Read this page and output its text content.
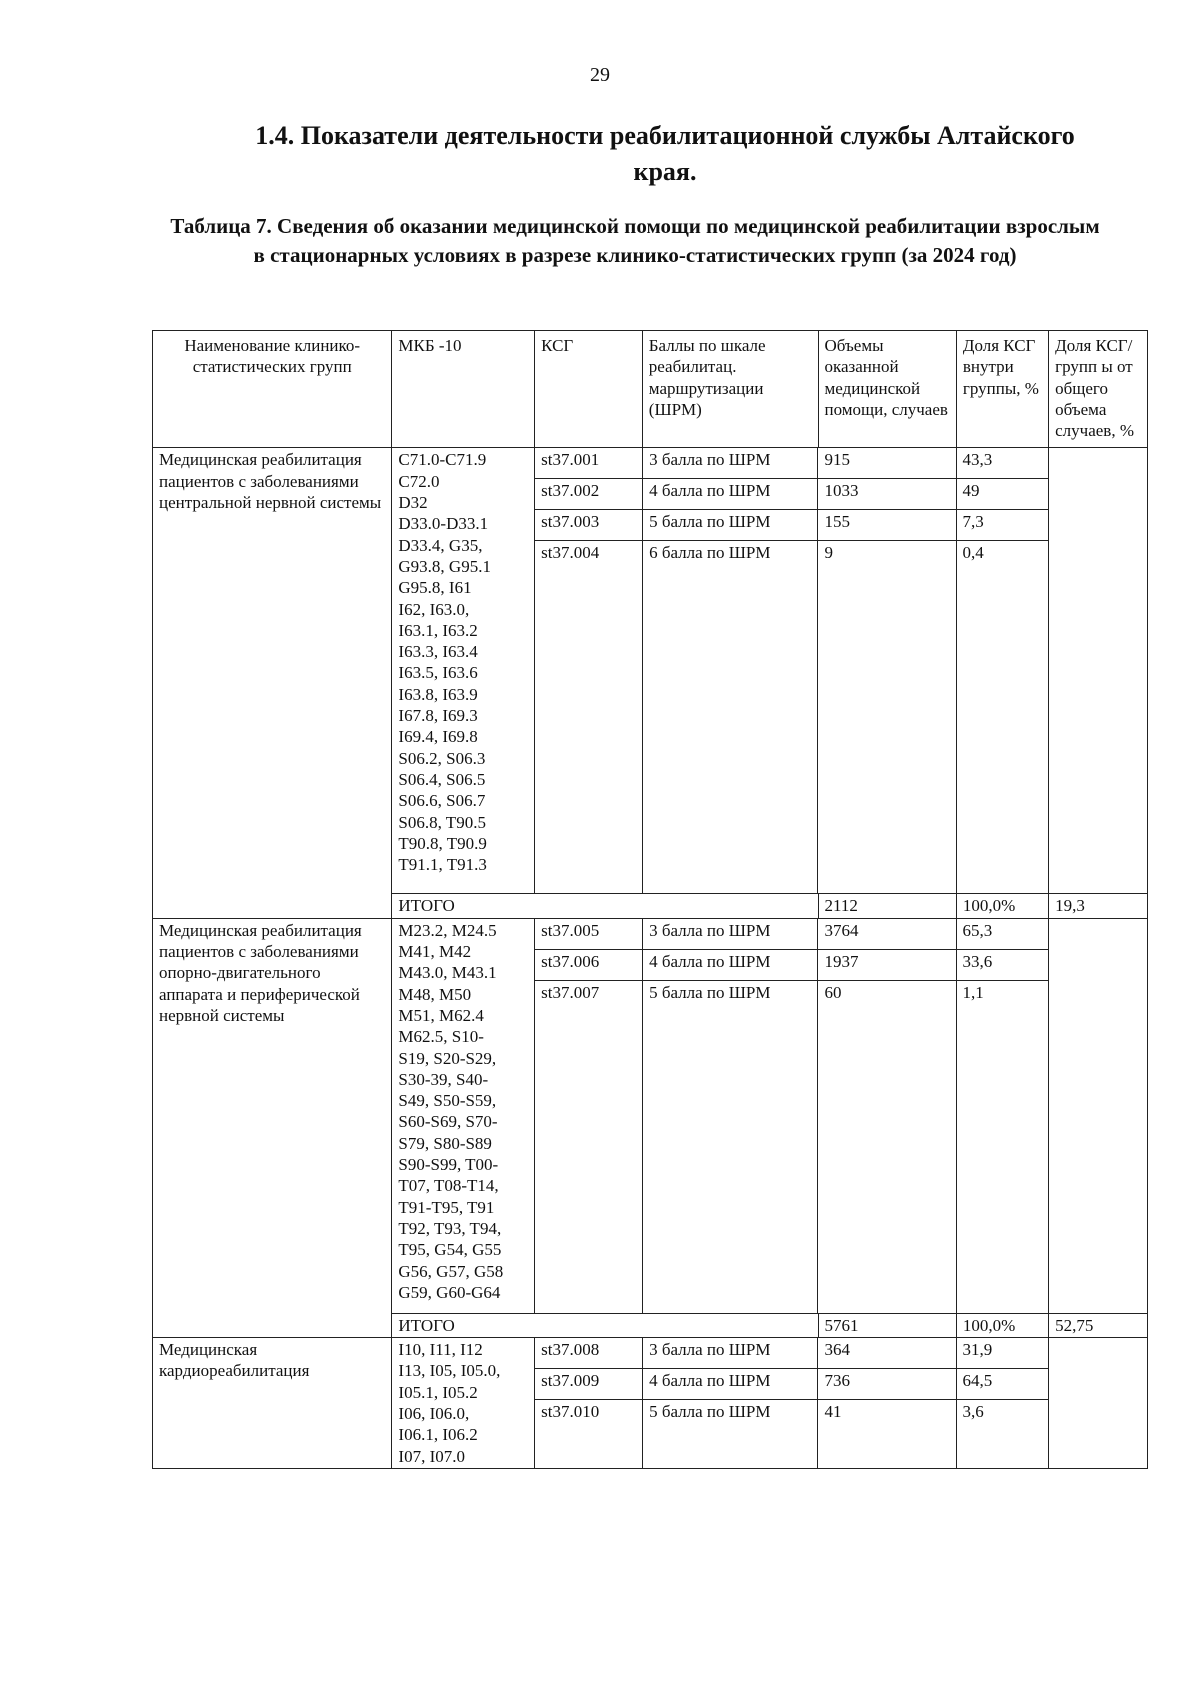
29
1.4. Показатели деятельности реабилитационной службы Алтайского края.
Таблица 7. Сведения об оказании медицинской помощи по медицинской реабилитации взрослым в стационарных условиях в разрезе клинико-статистических групп (за 2024 год)
Наименование клинико-статистических групп	МКБ -10	КСГ	Баллы по шкале реабилитац. маршрутизации (ШРМ)	Объемы оказанной медицинской помощи, случаев	Доля КСГ внутри группы, %	Доля КСГ/групп ы от общего объема случаев, %
Медицинская реабилитация пациентов с заболеваниями центральной нервной системы	C71.0-C71.9
C72.0
D32
D33.0-D33.1
D33.4, G35,
G93.8, G95.1
G95.8, I61
I62, I63.0,
I63.1, I63.2
I63.3, I63.4
I63.5, I63.6
I63.8, I63.9
I67.8, I69.3
I69.4, I69.8
S06.2, S06.3
S06.4, S06.5
S06.6, S06.7
S06.8, T90.5
T90.8, T90.9
T91.1, T91.3	
st37.001	3 балла по ШРМ	915	43,3
st37.002	4 балла по ШРМ	1033	49
st37.003	5 балла по ШРМ	155	7,3
st37.004	6 балла по ШРМ	9	0,4

ИТОГО	2112	100,0%	19,3
Медицинская реабилитация пациентов с заболеваниями опорно-двигательного аппарата и периферической нервной системы	M23.2, M24.5
M41, M42
M43.0, M43.1
M48, M50
M51, M62.4
M62.5, S10-
S19, S20-S29,
S30-39, S40-
S49, S50-S59,
S60-S69, S70-
S79, S80-S89
S90-S99, T00-
T07, T08-T14,
T91-T95, T91
T92, T93, T94,
T95, G54, G55
G56, G57, G58
G59, G60-G64	
st37.005	3 балла по ШРМ	3764	65,3
st37.006	4 балла по ШРМ	1937	33,6
st37.007	5 балла по ШРМ	60	1,1

ИТОГО	5761	100,0%	52,75
Медицинская кардиореабилитация	I10, I11, I12
I13, I05, I05.0,
I05.1, I05.2
I06, I06.0,
I06.1, I06.2
I07, I07.0	
st37.008	3 балла по ШРМ	364	31,9
st37.009	4 балла по ШРМ	736	64,5
st37.010	5 балла по ШРМ	41	3,6
